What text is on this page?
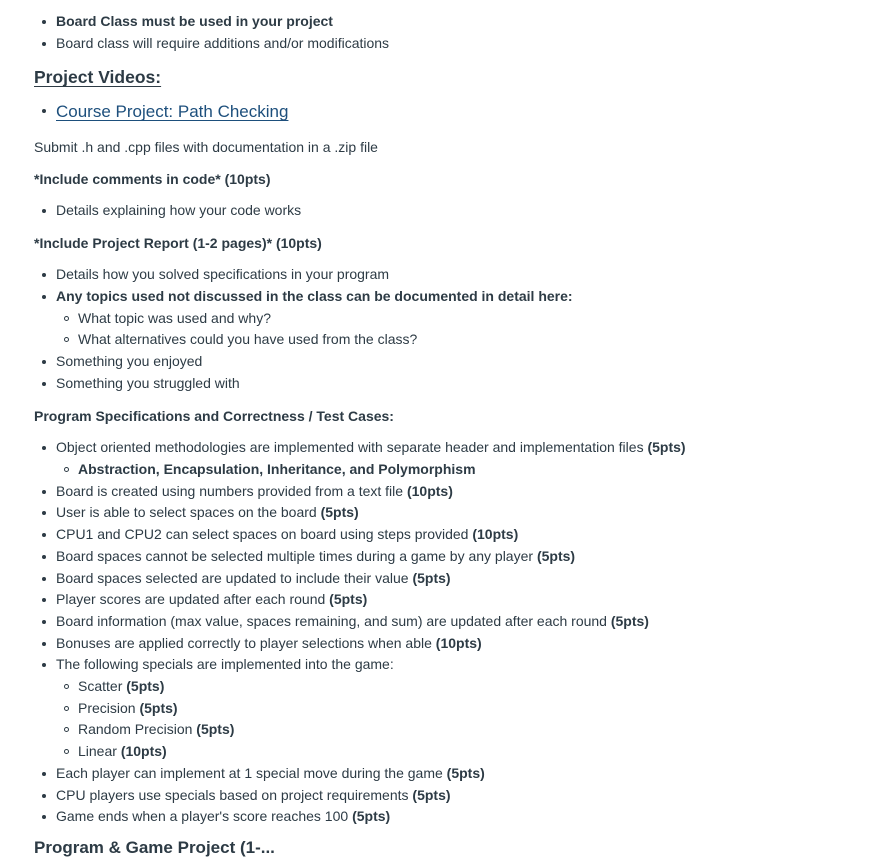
Board Class must be used in your project
Board class will require additions and/or modifications

Project Videos:

Course Project: Path Checking

Submit .h and .cpp files with documentation in a .zip file

*Include comments in code* (10pts)

Details explaining how your code works

*Include Project Report (1-2 pages)* (10pts)

Details how you solved specifications in your program
Any topics used not discussed in the class can be documented in detail here:
What topic was used and why?
What alternatives could you have used from the class?
Something you enjoyed
Something you struggled with

Program Specifications and Correctness / Test Cases:

Object oriented methodologies are implemented with separate header and implementation files (5pts)
Abstraction, Encapsulation, Inheritance, and Polymorphism
Board is created using numbers provided from a text file (10pts)
User is able to select spaces on the board (5pts)
CPU1 and CPU2 can select spaces on board using steps provided (10pts)
Board spaces cannot be selected multiple times during a game by any player (5pts)
Board spaces selected are updated to include their value (5pts)
Player scores are updated after each round (5pts)
Board information (max value, spaces remaining, and sum) are updated after each round (5pts)
Bonuses are applied correctly to player selections when able (10pts)
The following specials are implemented into the game:
Scatter (5pts)
Precision (5pts)
Random Precision (5pts)
Linear (10pts)
Each player can implement at 1 special move during the game (5pts)
CPU players use specials based on project requirements (5pts)
Game ends when a player's score reaches 100 (5pts)
Program & Game Project (1-...
